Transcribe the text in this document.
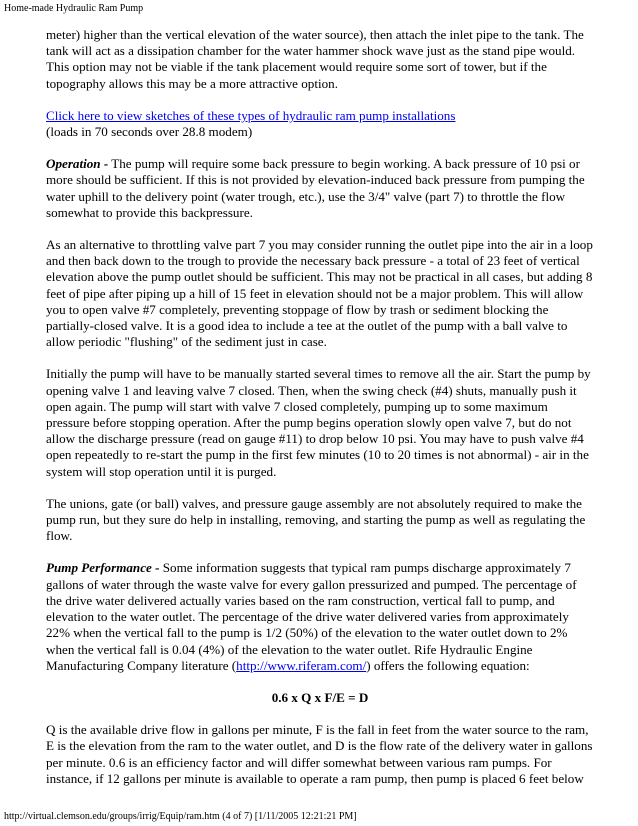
Home-made Hydraulic Ram Pump

meter) higher than the vertical elevation of the water source), then attach the inlet pipe to the tank. The tank will act as a dissipation chamber for the water hammer shock wave just as the stand pipe would. This option may not be viable if the tank placement would require some sort of tower, but if the topography allows this may be a more attractive option.

Click here to view sketches of these types of hydraulic ram pump installations

(loads in 70 seconds over 28.8 modem)

Operation - The pump will require some back pressure to begin working. A back pressure of 10 psi or more should be sufficient. If this is not provided by elevation-induced back pressure from pumping the water uphill to the delivery point (water trough, etc.), use the 3/4" valve (part 7) to throttle the flow somewhat to provide this backpressure.

As an alternative to throttling valve part 7 you may consider running the outlet pipe into the air in a loop and then back down to the trough to provide the necessary back pressure - a total of 23 feet of vertical elevation above the pump outlet should be sufficient. This may not be practical in all cases, but adding 8 feet of pipe after piping up a hill of 15 feet in elevation should not be a major problem. This will allow you to open valve #7 completely, preventing stoppage of flow by trash or sediment blocking the partially-closed valve. It is a good idea to include a tee at the outlet of the pump with a ball valve to allow periodic "flushing" of the sediment just in case.

Initially the pump will have to be manually started several times to remove all the air. Start the pump by opening valve 1 and leaving valve 7 closed. Then, when the swing check (#4) shuts, manually push it open again. The pump will start with valve 7 closed completely, pumping up to some maximum pressure before stopping operation. After the pump begins operation slowly open valve 7, but do not allow the discharge pressure (read on gauge #11) to drop below 10 psi. You may have to push valve #4 open repeatedly to re-start the pump in the first few minutes (10 to 20 times is not abnormal) - air in the system will stop operation until it is purged.

The unions, gate (or ball) valves, and pressure gauge assembly are not absolutely required to make the pump run, but they sure do help in installing, removing, and starting the pump as well as regulating the flow.

Pump Performance - Some information suggests that typical ram pumps discharge approximately 7 gallons of water through the waste valve for every gallon pressurized and pumped. The percentage of the drive water delivered actually varies based on the ram construction, vertical fall to pump, and elevation to the water outlet. The percentage of the drive water delivered varies from approximately 22% when the vertical fall to the pump is 1/2 (50%) of the elevation to the water outlet down to 2% when the vertical fall is 0.04 (4%) of the elevation to the water outlet. Rife Hydraulic Engine Manufacturing Company literature (http://www.riferam.com/) offers the following equation:

0.6 x Q x F/E = D

Q is the available drive flow in gallons per minute, F is the fall in feet from the water source to the ram, E is the elevation from the ram to the water outlet, and D is the flow rate of the delivery water in gallons per minute. 0.6 is an efficiency factor and will differ somewhat between various ram pumps. For instance, if 12 gallons per minute is available to operate a ram pump, then pump is placed 6 feet below

http://virtual.clemson.edu/groups/irrig/Equip/ram.htm (4 of 7) [1/11/2005 12:21:21 PM]
